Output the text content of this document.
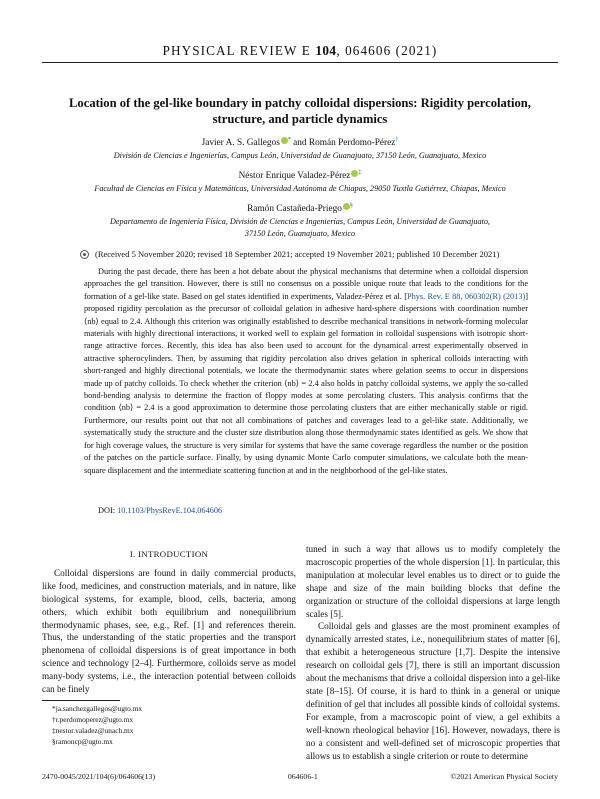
PHYSICAL REVIEW E 104, 064606 (2021)
Location of the gel-like boundary in patchy colloidal dispersions: Rigidity percolation,
structure, and particle dynamics
Javier A. S. Gallegos * and Román Perdomo-Pérez†
División de Ciencias e Ingenierías, Campus León, Universidad de Guanajuato, 37150 León, Guanajuato, Mexico
Néstor Enrique Valadez-Pérez ‡
Facultad de Ciencias en Física y Matemáticas, Universidad Autónoma de Chiapas, 29050 Tuxtla Gutiérrez, Chiapas, Mexico
Ramón Castañeda-Priego §
Departamento de Ingeniería Física, División de Ciencias e Ingenierías, Campus León, Universidad de Guanajuato,
37150 León, Guanajuato, Mexico
(Received 5 November 2020; revised 18 September 2021; accepted 19 November 2021; published 10 December 2021)
During the past decade, there has been a hot debate about the physical mechanisms that determine when a colloidal dispersion approaches the gel transition. However, there is still no consensus on a possible unique route that leads to the conditions for the formation of a gel-like state. Based on gel states identified in experiments, Valadez-Pérez et al. [Phys. Rev. E 88, 060302(R) (2013)] proposed rigidity percolation as the precursor of colloidal gelation in adhesive hard-sphere dispersions with coordination number ⟨nb⟩ equal to 2.4. Although this criterion was originally established to describe mechanical transitions in network-forming molecular materials with highly directional interactions, it worked well to explain gel formation in colloidal suspensions with isotropic short-range attractive forces. Recently, this idea has also been used to account for the dynamical arrest experimentally observed in attractive spherocylinders. Then, by assuming that rigidity percolation also drives gelation in spherical colloids interacting with short-ranged and highly directional potentials, we locate the thermodynamic states where gelation seems to occur in dispersions made up of patchy colloids. To check whether the criterion ⟨nb⟩ = 2.4 also holds in patchy colloidal systems, we apply the so-called bond-bending analysis to determine the fraction of floppy modes at some percolating clusters. This analysis confirms that the condition ⟨nb⟩ = 2.4 is a good approximation to determine those percolating clusters that are either mechanically stable or rigid. Furthermore, our results point out that not all combinations of patches and coverages lead to a gel-like state. Additionally, we systematically study the structure and the cluster size distribution along those thermodynamic states identified as gels. We show that for high coverage values, the structure is very similar for systems that have the same coverage regardless the number or the position of the patches on the particle surface. Finally, by using dynamic Monte Carlo computer simulations, we calculate both the mean-square displacement and the intermediate scattering function at and in the neighborhood of the gel-like states.
DOI: 10.1103/PhysRevE.104.064606
I. INTRODUCTION

Colloidal dispersions are found in daily commercial products, like food, medicines, and construction materials, and in nature, like biological systems, for example, blood, cells, bacteria, among others, which exhibit both equilibrium and nonequilibrium thermodynamic phases, see, e.g., Ref. [1] and references therein. Thus, the understanding of the static properties and the transport phenomena of colloidal dispersions is of great importance in both science and technology [2–4]. Furthermore, colloids serve as model many-body systems, i.e., the interaction potential between colloids can be finely

tuned in such a way that allows us to modify completely the macroscopic properties of the whole dispersion [1]. In particular, this manipulation at molecular level enables us to direct or to guide the shape and size of the main building blocks that define the organization or structure of the colloidal dispersions at large length scales [5].

Colloidal gels and glasses are the most prominent examples of dynamically arrested states, i.e., nonequilibrium states of matter [6], that exhibit a heterogeneous structure [1,7]. Despite the intensive research on colloidal gels [7], there is still an important discussion about the mechanisms that drive a colloidal dispersion into a gel-like state [8–15]. Of course, it is hard to think in a general or unique definition of gel that includes all possible kinds of colloidal systems. For example, from a macroscopic point of view, a gel exhibits a well-known rheological behavior [16]. However, nowadays, there is no a consistent and well-defined set of microscopic properties that allows us to establish a single criterion or route to determine

*ja.sanchezgallegos@ugto.mx
†r.perdomoperez@ugto.mx
‡nestor.valadez@unach.mx
§ramoncp@ugto.mx
2470-0045/2021/104(6)/064606(13)	064606-1	©2021 American Physical Society
